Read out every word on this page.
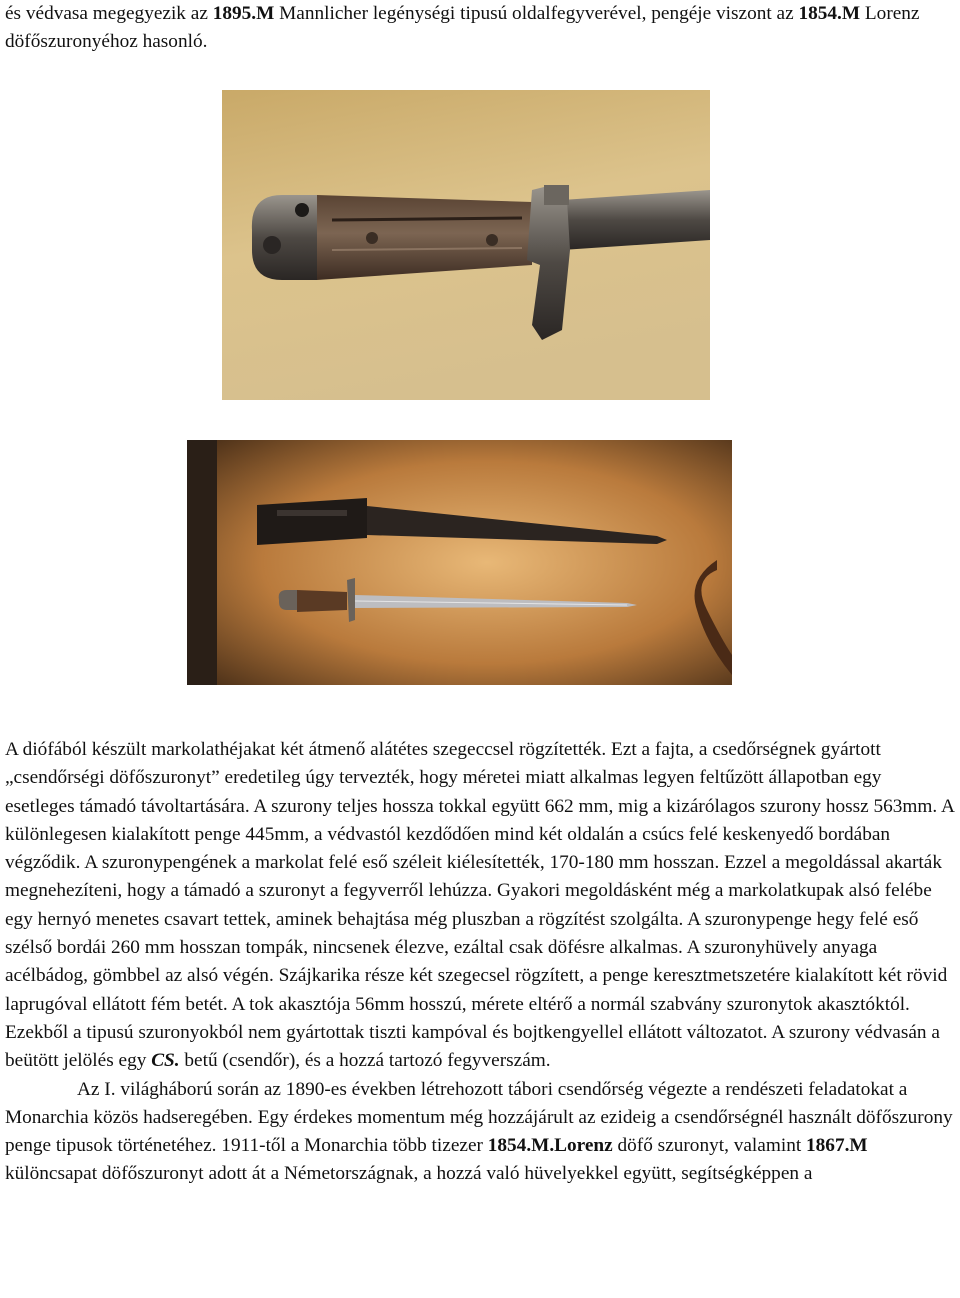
és védvasa megegyezik az 1895.M Mannlicher legénységi tipusú oldalfegyverével, pengéje viszont az 1854.M Lorenz döfőszuronyéhoz hasonló.

A diófából készült markolathéjakat két átmenő alátétes szegeccsel rögzítették. Ezt a fajta, a csedőrségnek gyártott „csendőrségi döfőszuronyt” eredetileg úgy tervezték, hogy méretei miatt alkalmas legyen feltűzött állapotban egy esetleges támadó távoltartására. A szurony teljes hossza tokkal együtt 662 mm, mig a kizárólagos szurony hossz 563mm. A különlegesen kialakított penge 445mm, a védvastól kezdődően mind két oldalán a csúcs felé keskenyedő bordában végződik. A szuronypengének a markolat felé eső széleit kiélesítették, 170-180 mm hosszan. Ezzel a megoldással akarták megnehezíteni, hogy a támadó a szuronyt a fegyverről lehúzza. Gyakori megoldásként még a markolatkupak alsó felébe egy hernyó menetes csavart tettek, aminek behajtása még pluszban a rögzítést szolgálta. A szuronypenge hegy felé eső szélső bordái 260 mm hosszan tompák, nincsenek élezve, ezáltal csak döfésre alkalmas. A szuronyhüvely anyaga acélbádog, gömbbel az alsó végén. Szájkarika része két szegecsel rögzített, a penge keresztmetszetére kialakított két rövid laprugóval ellátott fém betét. A tok akasztója 56mm hosszú, mérete eltérő a normál szabvány szuronytok akasztóktól. Ezekből a tipusú szuronyokból nem gyártottak tiszti kampóval és bojtkengyellel ellátott változatot. A szurony védvasán a beütött jelölés egy CS. betű (csendőr), és a hozzá tartozó fegyverszám.
Az I. világháború során az 1890-es években létrehozott tábori csendőrség végezte a rendészeti feladatokat a Monarchia közös hadseregében. Egy érdekes momentum még hozzájárult az ezideig a csendőrségnél használt döfőszurony penge tipusok történetéhez. 1911-től a Monarchia több tizezer 1854.M.Lorenz döfő szuronyt, valamint 1867.M különcsapat döfőszuronyt adott át a Németországnak, a hozzá való hüvelyekkel együtt, segítségképpen a
